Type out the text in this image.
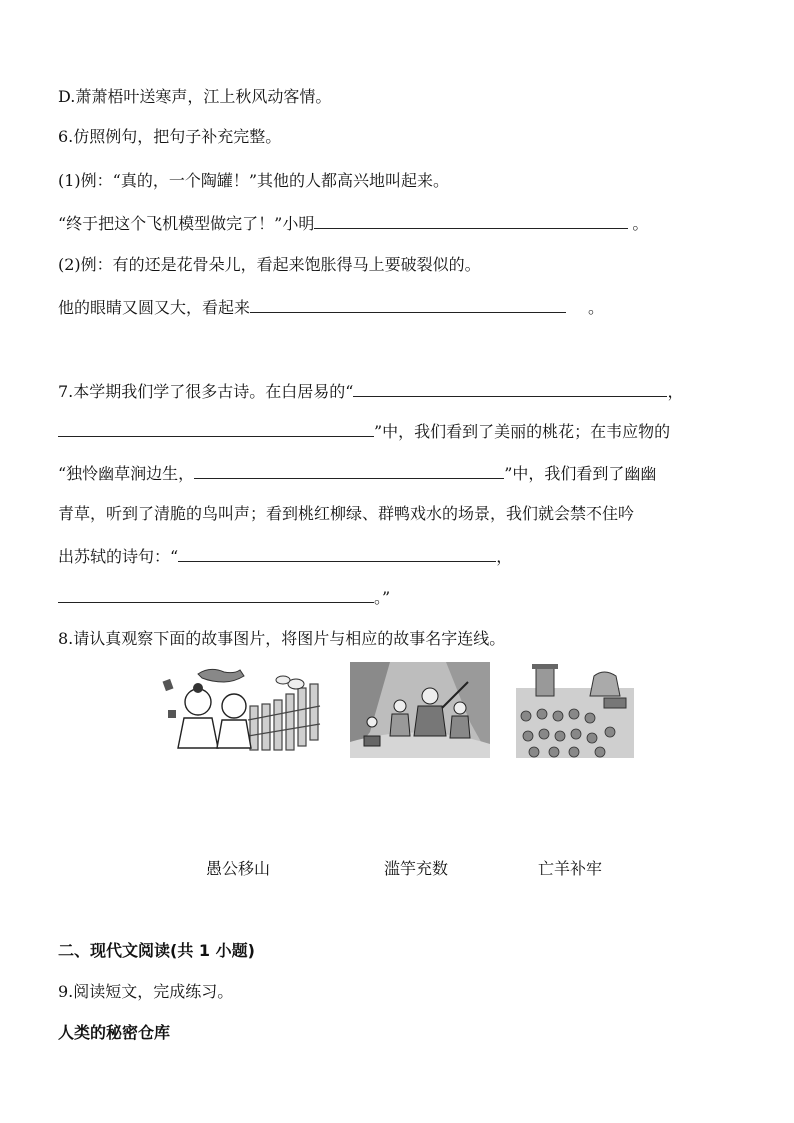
D.萧萧梧叶送寒声，江上秋风动客情。
6.仿照例句，把句子补充完整。
(1)例：“真的，一个陶罐！”其他的人都高兴地叫起来。
“终于把这个飞机模型做完了！”小明	。
(2)例：有的还是花骨朵儿，看起来饱胀得马上要破裂似的。
他的眼睛又圆又大，看起来	。
7.本学期我们学了很多古诗。在白居易的“	，
”中，我们看到了美丽的桃花；在韦应物的
“独怜幽草涧边生，	”中，我们看到了幽幽
青草，听到了清脆的鸟叫声；看到桃红柳绿、群鸭戏水的场景，我们就会禁不住吟
出苏轼的诗句：“	，
。”
8.请认真观察下面的故事图片，将图片与相应的故事名字连线。
愚公移山	滥竽充数	亡羊补牢
二、现代文阅读(共 1 小题)
9.阅读短文，完成练习。
人类的秘密仓库
